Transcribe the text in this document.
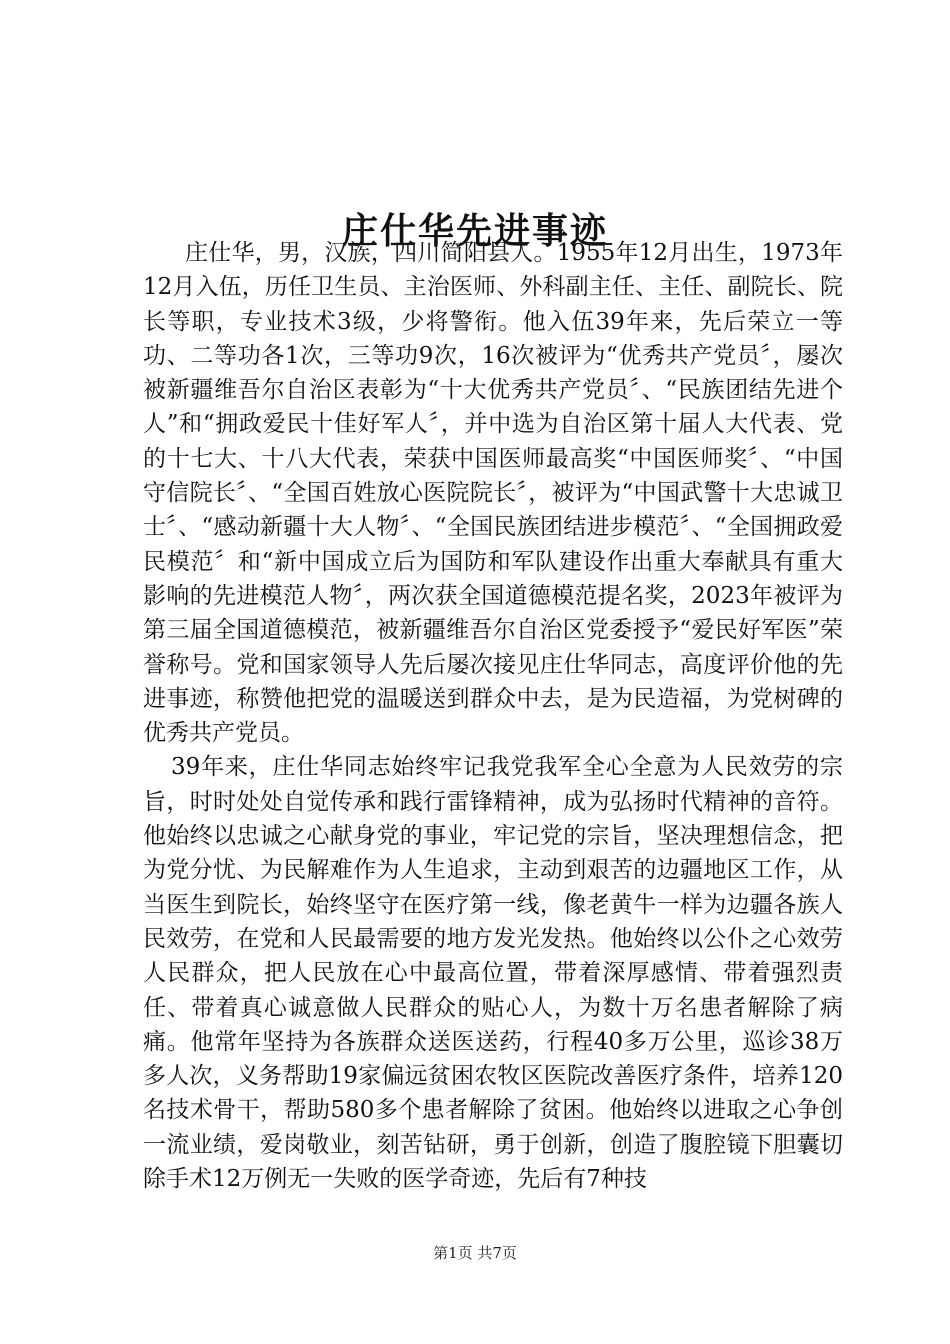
庄仕华先进事迹

庄仕华，男，汉族，四川简阳县人。1955年12月出生，1973年12月入伍，历任卫生员、主治医师、外科副主任、主任、副院长、院长等职，专业技术3级，少将警衔。他入伍39年来，先后荣立一等功、二等功各1次，三等功9次，16次被评为“优秀共产党员〞，屡次被新疆维吾尔自治区表彰为“十大优秀共产党员〞、“民族团结先进个人”和“拥政爱民十佳好军人〞，并中选为自治区第十届人大代表、党的十七大、十八大代表，荣获中国医师最高奖“中国医师奖〞、“中国守信院长〞、“全国百姓放心医院院长〞，被评为“中国武警十大忠诚卫士〞、“感动新疆十大人物〞、“全国民族团结进步模范〞、“全国拥政爱民模范〞和“新中国成立后为国防和军队建设作出重大奉献具有重大影响的先进模范人物〞，两次获全国道德模范提名奖，2023年被评为第三届全国道德模范，被新疆维吾尔自治区党委授予“爱民好军医”荣誉称号。党和国家领导人先后屡次接见庄仕华同志，高度评价他的先进事迹，称赞他把党的温暖送到群众中去，是为民造福，为党树碑的优秀共产党员。

39年来，庄仕华同志始终牢记我党我军全心全意为人民效劳的宗旨，时时处处自觉传承和践行雷锋精神，成为弘扬时代精神的音符。他始终以忠诚之心献身党的事业，牢记党的宗旨，坚决理想信念，把为党分忧、为民解难作为人生追求，主动到艰苦的边疆地区工作，从当医生到院长，始终坚守在医疗第一线，像老黄牛一样为边疆各族人民效劳，在党和人民最需要的地方发光发热。他始终以公仆之心效劳人民群众，把人民放在心中最高位置，带着深厚感情、带着强烈责任、带着真心诚意做人民群众的贴心人，为数十万名患者解除了病痛。他常年坚持为各族群众送医送药，行程40多万公里，巡诊38万多人次，义务帮助19家偏远贫困农牧区医院改善医疗条件，培养120名技术骨干，帮助580多个患者解除了贫困。他始终以进取之心争创一流业绩，爱岗敬业，刻苦钻研，勇于创新，创造了腹腔镜下胆囊切除手术12万例无一失败的医学奇迹，先后有7种技

第1页 共7页
